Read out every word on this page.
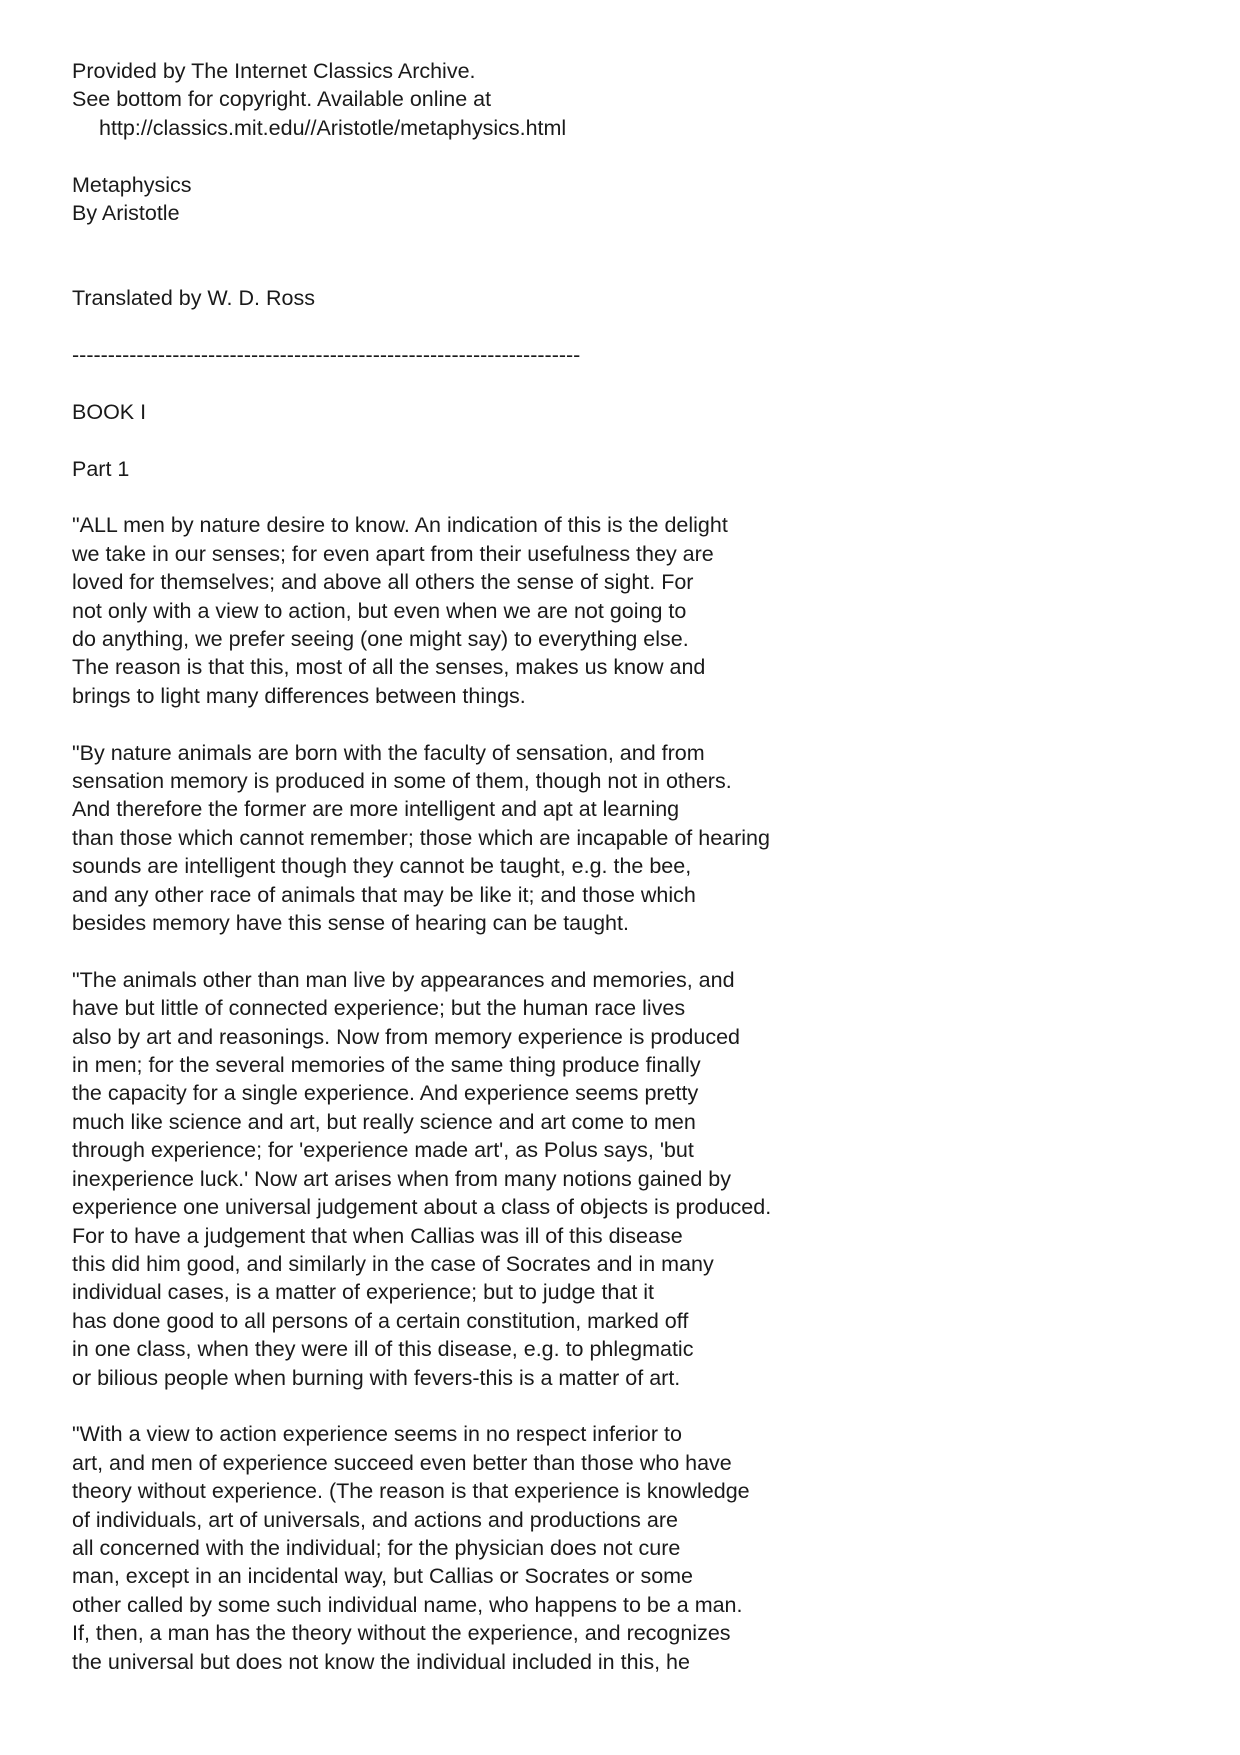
Provided by The Internet Classics Archive.
See bottom for copyright. Available online at
http://classics.mit.edu//Aristotle/metaphysics.html
Metaphysics
By Aristotle
Translated by W. D. Ross
-----------------------------------------------------------------------
BOOK I
Part 1
"ALL men by nature desire to know. An indication of this is the delight
we take in our senses; for even apart from their usefulness they are
loved for themselves; and above all others the sense of sight. For
not only with a view to action, but even when we are not going to
do anything, we prefer seeing (one might say) to everything else.
The reason is that this, most of all the senses, makes us know and
brings to light many differences between things.
"By nature animals are born with the faculty of sensation, and from
sensation memory is produced in some of them, though not in others.
And therefore the former are more intelligent and apt at learning
than those which cannot remember; those which are incapable of hearing
sounds are intelligent though they cannot be taught, e.g. the bee,
and any other race of animals that may be like it; and those which
besides memory have this sense of hearing can be taught.
"The animals other than man live by appearances and memories, and
have but little of connected experience; but the human race lives
also by art and reasonings. Now from memory experience is produced
in men; for the several memories of the same thing produce finally
the capacity for a single experience. And experience seems pretty
much like science and art, but really science and art come to men
through experience; for 'experience made art', as Polus says, 'but
inexperience luck.' Now art arises when from many notions gained by
experience one universal judgement about a class of objects is produced.
For to have a judgement that when Callias was ill of this disease
this did him good, and similarly in the case of Socrates and in many
individual cases, is a matter of experience; but to judge that it
has done good to all persons of a certain constitution, marked off
in one class, when they were ill of this disease, e.g. to phlegmatic
or bilious people when burning with fevers-this is a matter of art.
"With a view to action experience seems in no respect inferior to
art, and men of experience succeed even better than those who have
theory without experience. (The reason is that experience is knowledge
of individuals, art of universals, and actions and productions are
all concerned with the individual; for the physician does not cure
man, except in an incidental way, but Callias or Socrates or some
other called by some such individual name, who happens to be a man.
If, then, a man has the theory without the experience, and recognizes
the universal but does not know the individual included in this, he
